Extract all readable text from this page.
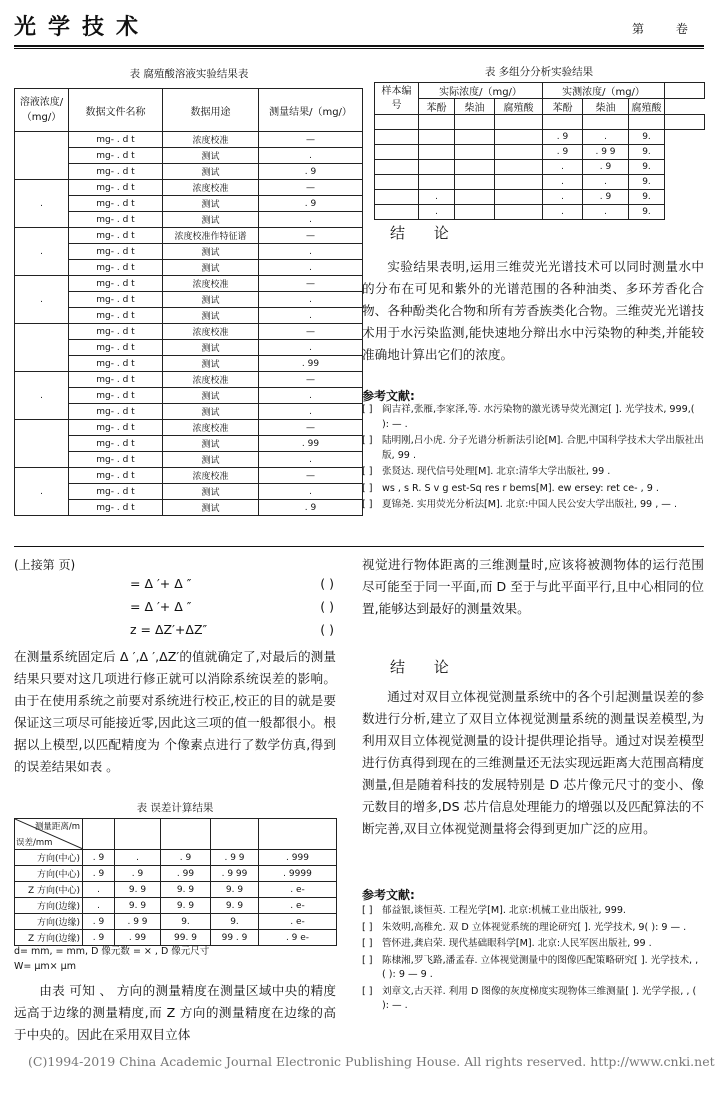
光学技术	第 卷
表 腐殖酸溶液实验结果表
溶液浓度/（mg/）	数据文件名称	数据用途	测量结果/（mg/）
	mg- . d t	浓度校准	—
	mg- . d t	测试	.
	mg- . d t	测试	. 9
.	mg- . d t	浓度校准	—
	mg- . d t	测试	. 9
	mg- . d t	测试	.
.	mg- . d t	浓度校准作特征谱	—
	mg- . d t	测试	.
	mg- . d t	测试	.
.	mg- . d t	浓度校准	—
	mg- . d t	测试	.
	mg- . d t	测试	.
	mg- . d t	浓度校准	—
	mg- . d t	测试	.
	mg- . d t	测试	. 99
.	mg- . d t	浓度校准	—
	mg- . d t	测试	.
	mg- . d t	测试	.
	mg- . d t	浓度校准	—
	mg- . d t	测试	. 99
	mg- . d t	测试	.
.	mg- . d t	浓度校准	—
	mg- . d t	测试	.
	mg- . d t	测试	. 9
表 多组分分析实验结果
样本编号	实际浓度/（mg/）			实测浓度/（mg/）			
	苯酚	柴油	腐殖酸	苯酚	柴油	腐殖酸	

				. 9	.	9.	
				. 9	. 9 9	9.	
				.	. 9	9.	
				.	.	9.	
	.			.	. 9	9.	
	.			.	.	9.	
结 论

实验结果表明,运用三维荧光光谱技术可以同时测量水中的分布在可见和紫外的光谱范围的各种油类、多环芳香化合物、各种酚类化合物和所有芳香族类化合物。三维荧光光谱技术用于水污染监测,能快速地分辩出水中污染物的种类,并能较准确地计算出它们的浓度。

参考文献:
[ ] 阎吉祥,张雁,李家泽,等. 水污染物的激光诱导荧光测定[ ]. 光学技术, 999,( ): — .
[ ] 陆明刚,吕小虎. 分子光谱分析新法引论[M]. 合肥,中国科学技术大学出版社出版, 99 .
[ ] 张贤达. 现代信号处理[M]. 北京:清华大学出版社, 99 .
[ ] ws , s R. S v g est-Sq res r bems[M]. ew ersey: ret ce- , 9 .
[ ] 夏锦尧. 实用荧光分析法[M]. 北京:中国人民公安大学出版社, 99 , — .
(上接第 页)
= Δ ′+ Δ ″	( )
= Δ ′+ Δ ″	( )
z = ΔZ′+ΔZ″	( )

在测量系统固定后 Δ ′,Δ ′,ΔZ′的值就确定了,对最后的测量结果只要对这几项进行修正就可以消除系统误差的影响。由于在使用系统之前要对系统进行校正,校正的目的就是要保证这三项尽可能接近零,因此这三项的值一般都很小。根据以上模型,以匹配精度为 个像素点进行了数学仿真,得到的误差结果如表 。

表 误差计算结果
测量距离/m
误差/mm					

方向(中心)	. 9	.	. 9	. 9 9	. 999
方向(中心)	. 9	. 9	. 99	. 9 99	. 9999
Z 方向(中心)	.	9. 9	9. 9	9. 9	. e-
方向(边缘)	.	9. 9	9. 9	9. 9	. e-
方向(边缘)	. 9	. 9 9	9.	9.	. e-
Z 方向(边缘)	. 9	. 99	99. 9	99 . 9	. 9 e-
d= mm, = mm, D 像元数 = × , D 像元尺寸
W= μm× μm

由表 可知 、 方向的测量精度在测量区域中央的精度远高于边缘的测量精度,而 Z 方向的测量精度在边缘的高于中央的。因此在采用双目立体

视觉进行物体距离的三维测量时,应该将被测物体的运行范围尽可能至于同一平面,而 D 至于与此平面平行,且中心相同的位置,能够达到最好的测量效果。

结 论

通过对双目立体视觉测量系统中的各个引起测量误差的参数进行分析,建立了双目立体视觉测量系统的测量误差模型,为利用双目立体视觉测量的设计提供理论指导。通过对误差模型进行仿真得到现在的三维测量还无法实现远距离大范围高精度测量,但是随着科技的发展特别是 D 芯片像元尺寸的变小、像元数目的增多,DS 芯片信息处理能力的增强以及匹配算法的不断完善,双目立体视觉测量将会得到更加广泛的应用。

参考文献:
[ ] 郁益银,谈恒英. 工程光学[M]. 北京:机械工业出版社, 999.
[ ] 朱效明,高稚允. 双 D 立体视觉系统的理论研究[ ]. 光学技术, 9( ): 9 — .
[ ] 管怀进,龚启荣. 现代基础眼科学[M]. 北京:人民军医出版社, 99 .
[ ] 陈棣湘,罗飞路,潘孟春. 立体视觉测量中的图像匹配策略研究[ ]. 光学技术, , ( ): 9 — 9 .
[ ] 刘章文,古天祥. 利用 D 图像的灰度梯度实现物体三维测量[ ]. 光学学报, , ( ): — .
(C)1994-2019 China Academic Journal Electronic Publishing House. All rights reserved. http://www.cnki.net
